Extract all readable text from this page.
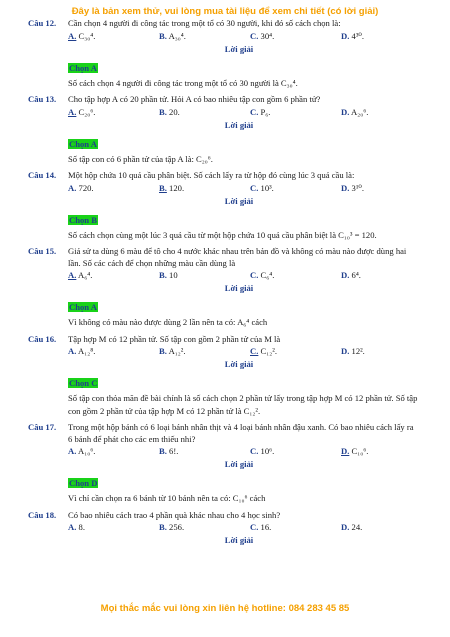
Đây là bản xem thử, vui lòng mua tài liệu để xem chi tiết (có lời giải)
Câu 12.	Cần chọn 4 người đi công tác trong một tổ có 30 người, khi đó số cách chọn là:
A. C₃₀⁴.	B. A₃₀⁴.	C. 30⁴.	D. 4³⁰.
Lời giải
Chọn A
Số cách chọn 4 người đi công tác trong một tổ có 30 người là C₃₀⁴.
Câu 13.	Cho tập hợp A có 20 phần tử. Hỏi A có bao nhiêu tập con gồm 6 phần tử?
A. C₂₀⁶.	B. 20.	C. P₆.	D. A₂₀⁶.
Lời giải
Chọn A
Số tập con có 6 phần tử của tập A là: C₂₀⁶.
Câu 14.	Một hộp chứa 10 quả cầu phân biệt. Số cách lấy ra từ hộp đó cùng lúc 3 quả cầu là:
A. 720.	B. 120.	C. 10³.	D. 3¹⁰.
Lời giải
Chọn B
Số cách chọn cùng một lúc 3 quả cầu từ một hộp chứa 10 quả cầu phân biệt là C₁₀³ = 120.
Câu 15.	Giả sử ta dùng 6 màu để tô cho 4 nước khác nhau trên bản đồ và không có màu nào được dùng hai lần. Số các cách để chọn những màu cần dùng là
A. A₆⁴.	B. 10	C. C₆⁴.	D. 6⁴.
Lời giải
Chọn A
Vì không có màu nào được dùng 2 lần nên ta có: A₆⁴ cách
Câu 16.	Tập hợp M có 12 phần tử. Số tập con gồm 2 phần tử của M là
A. A₁₂⁸.	B. A₁₂².	C. C₁₂².	D. 12².
Lời giải
Chọn C
Số tập con thỏa mãn đề bài chính là số cách chọn 2 phần tử lấy trong tập hợp M có 12 phần tử. Số tập con gồm 2 phần tử của tập hợp M có 12 phần tử là C₁₂².
Câu 17.	Trong một hộp bánh có 6 loại bánh nhân thịt và 4 loại bánh nhân đậu xanh. Có bao nhiêu cách lấy ra 6 bánh để phát cho các em thiếu nhi?
A. A₁₀⁶.	B. 6!.	C. 10⁶.	D. C₁₀⁶.
Lời giải
Chọn D
Vì chỉ cần chọn ra 6 bánh từ 10 bánh nên ta có: C₁₀⁶ cách
Câu 18.	Có bao nhiêu cách trao 4 phần quà khác nhau cho 4 học sinh?
A. 8.	B. 256.	C. 16.	D. 24.
Lời giải
Mọi thắc mắc vui lòng xin liên hệ hotline: 084 283 45 85
